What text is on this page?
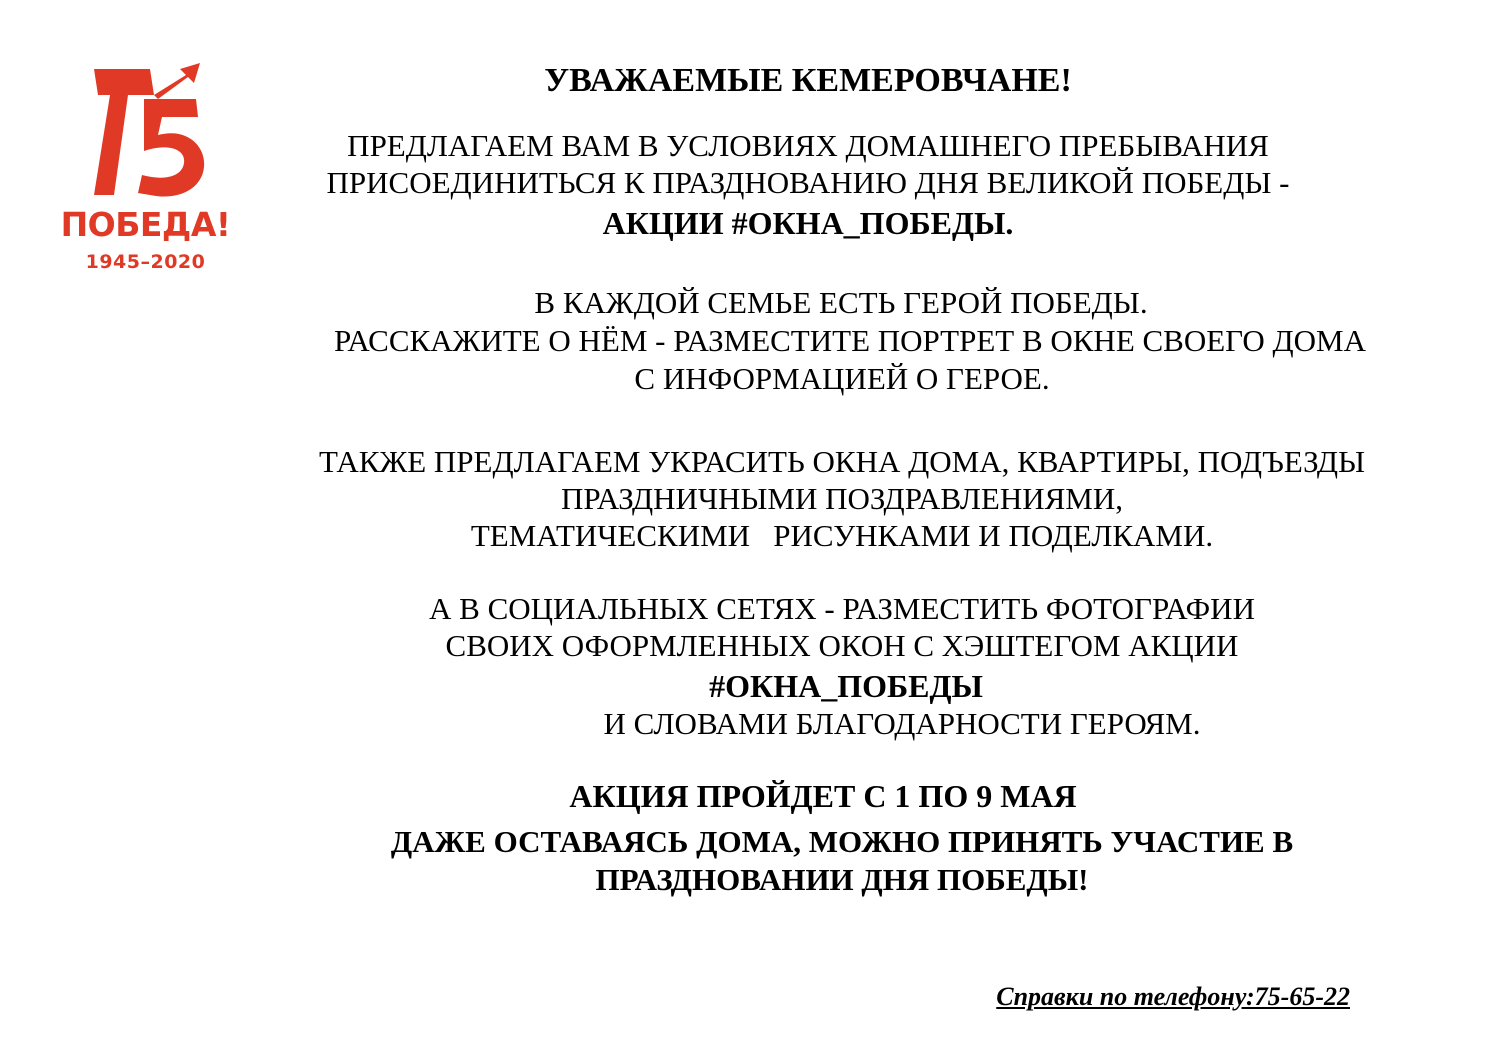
ПОБЕДА!
1945–2020
УВАЖАЕМЫЕ КЕМЕРОВЧАНЕ!
ПРЕДЛАГАЕМ ВАМ В УСЛОВИЯХ ДОМАШНЕГО ПРЕБЫВАНИЯ
ПРИСОЕДИНИТЬСЯ К ПРАЗДНОВАНИЮ ДНЯ ВЕЛИКОЙ ПОБЕДЫ -
АКЦИИ #ОКНА_ПОБЕДЫ.
В КАЖДОЙ СЕМЬЕ ЕСТЬ ГЕРОЙ ПОБЕДЫ.
РАССКАЖИТЕ О НЁМ - РАЗМЕСТИТЕ ПОРТРЕТ В ОКНЕ СВОЕГО ДОМА
С ИНФОРМАЦИЕЙ О ГЕРОЕ.
ТАКЖЕ ПРЕДЛАГАЕМ УКРАСИТЬ ОКНА ДОМА, КВАРТИРЫ, ПОДЪЕЗДЫ
ПРАЗДНИЧНЫМИ ПОЗДРАВЛЕНИЯМИ,
ТЕМАТИЧЕСКИМИ   РИСУНКАМИ И ПОДЕЛКАМИ.
А В СОЦИАЛЬНЫХ СЕТЯХ - РАЗМЕСТИТЬ ФОТОГРАФИИ
СВОИХ ОФОРМЛЕННЫХ ОКОН С ХЭШТЕГОМ АКЦИИ
#ОКНА_ПОБЕДЫ
И СЛОВАМИ БЛАГОДАРНОСТИ ГЕРОЯМ.
АКЦИЯ ПРОЙДЕТ С 1 ПО 9 МАЯ
ДАЖЕ ОСТАВАЯСЬ ДОМА, МОЖНО ПРИНЯТЬ УЧАСТИЕ В
ПРАЗДНОВАНИИ ДНЯ ПОБЕДЫ!
Справки по телефону:75-65-22
